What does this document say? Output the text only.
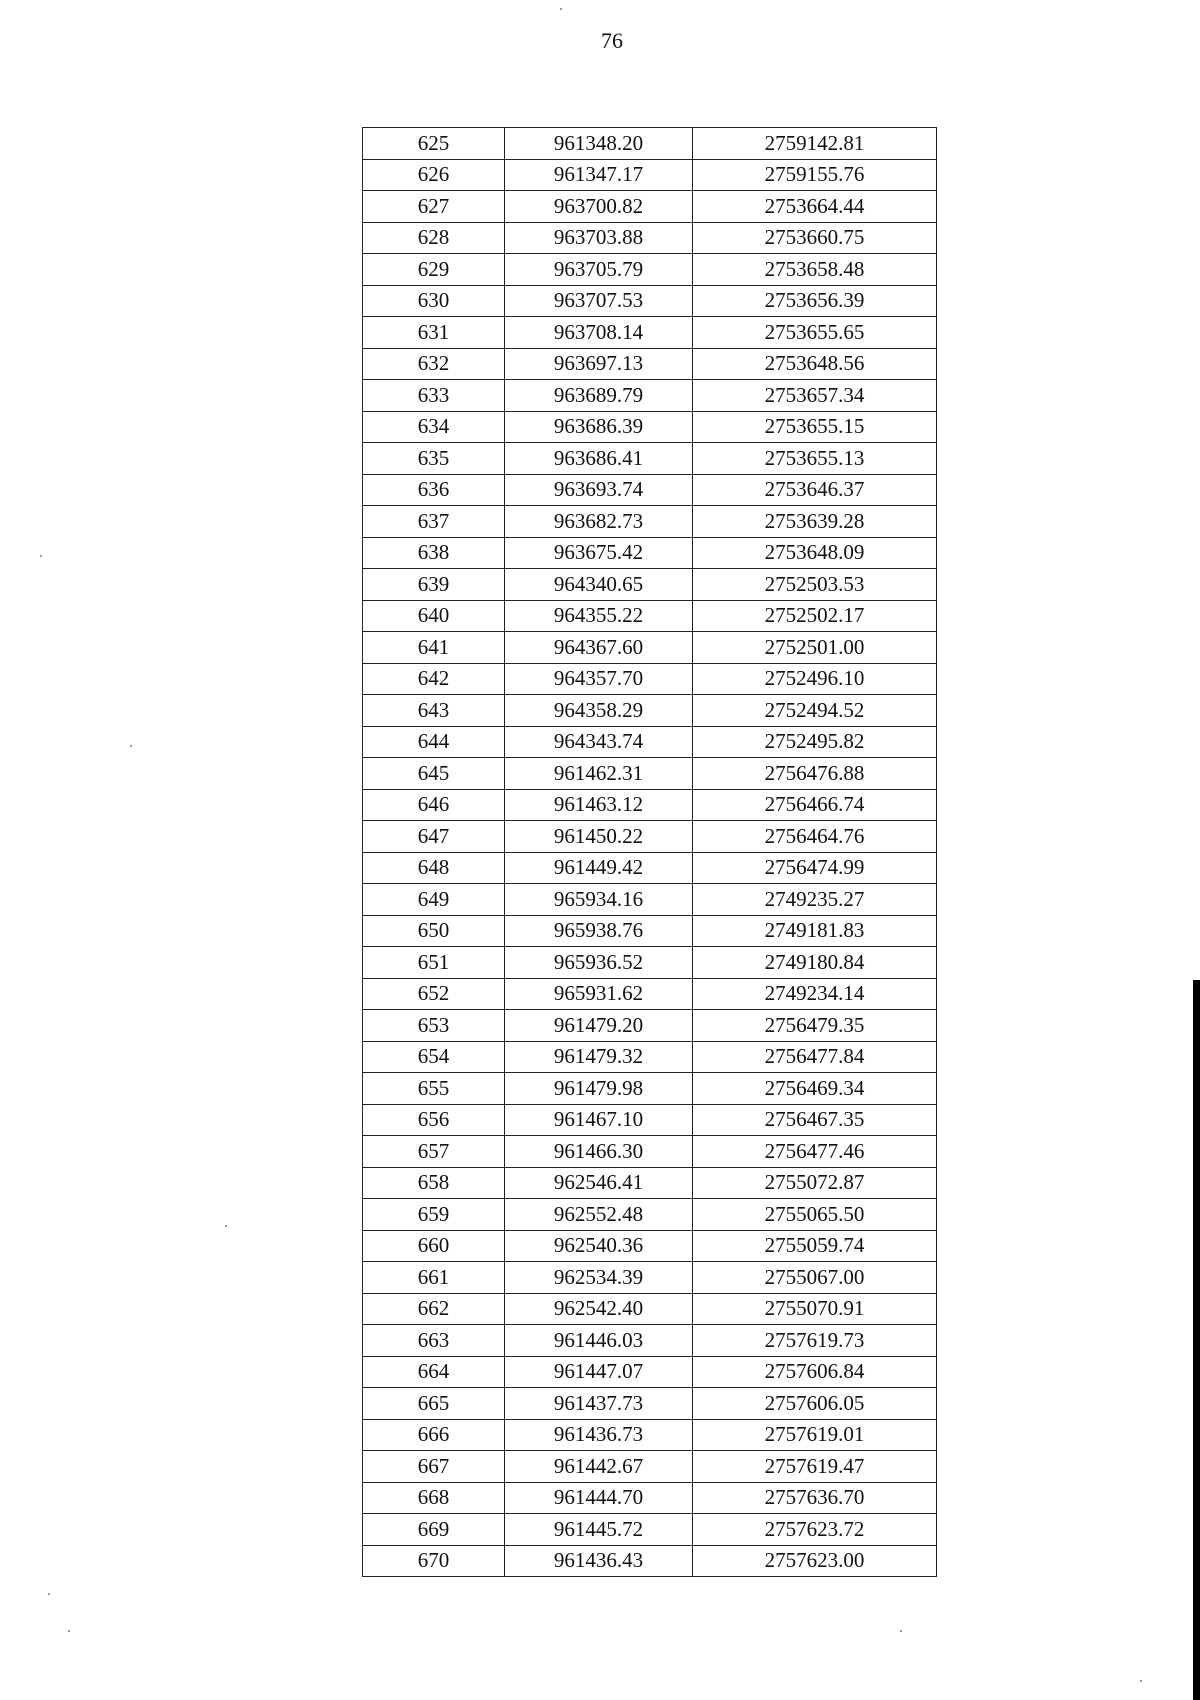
76
625	961348.20	2759142.81
626	961347.17	2759155.76
627	963700.82	2753664.44
628	963703.88	2753660.75
629	963705.79	2753658.48
630	963707.53	2753656.39
631	963708.14	2753655.65
632	963697.13	2753648.56
633	963689.79	2753657.34
634	963686.39	2753655.15
635	963686.41	2753655.13
636	963693.74	2753646.37
637	963682.73	2753639.28
638	963675.42	2753648.09
639	964340.65	2752503.53
640	964355.22	2752502.17
641	964367.60	2752501.00
642	964357.70	2752496.10
643	964358.29	2752494.52
644	964343.74	2752495.82
645	961462.31	2756476.88
646	961463.12	2756466.74
647	961450.22	2756464.76
648	961449.42	2756474.99
649	965934.16	2749235.27
650	965938.76	2749181.83
651	965936.52	2749180.84
652	965931.62	2749234.14
653	961479.20	2756479.35
654	961479.32	2756477.84
655	961479.98	2756469.34
656	961467.10	2756467.35
657	961466.30	2756477.46
658	962546.41	2755072.87
659	962552.48	2755065.50
660	962540.36	2755059.74
661	962534.39	2755067.00
662	962542.40	2755070.91
663	961446.03	2757619.73
664	961447.07	2757606.84
665	961437.73	2757606.05
666	961436.73	2757619.01
667	961442.67	2757619.47
668	961444.70	2757636.70
669	961445.72	2757623.72
670	961436.43	2757623.00
